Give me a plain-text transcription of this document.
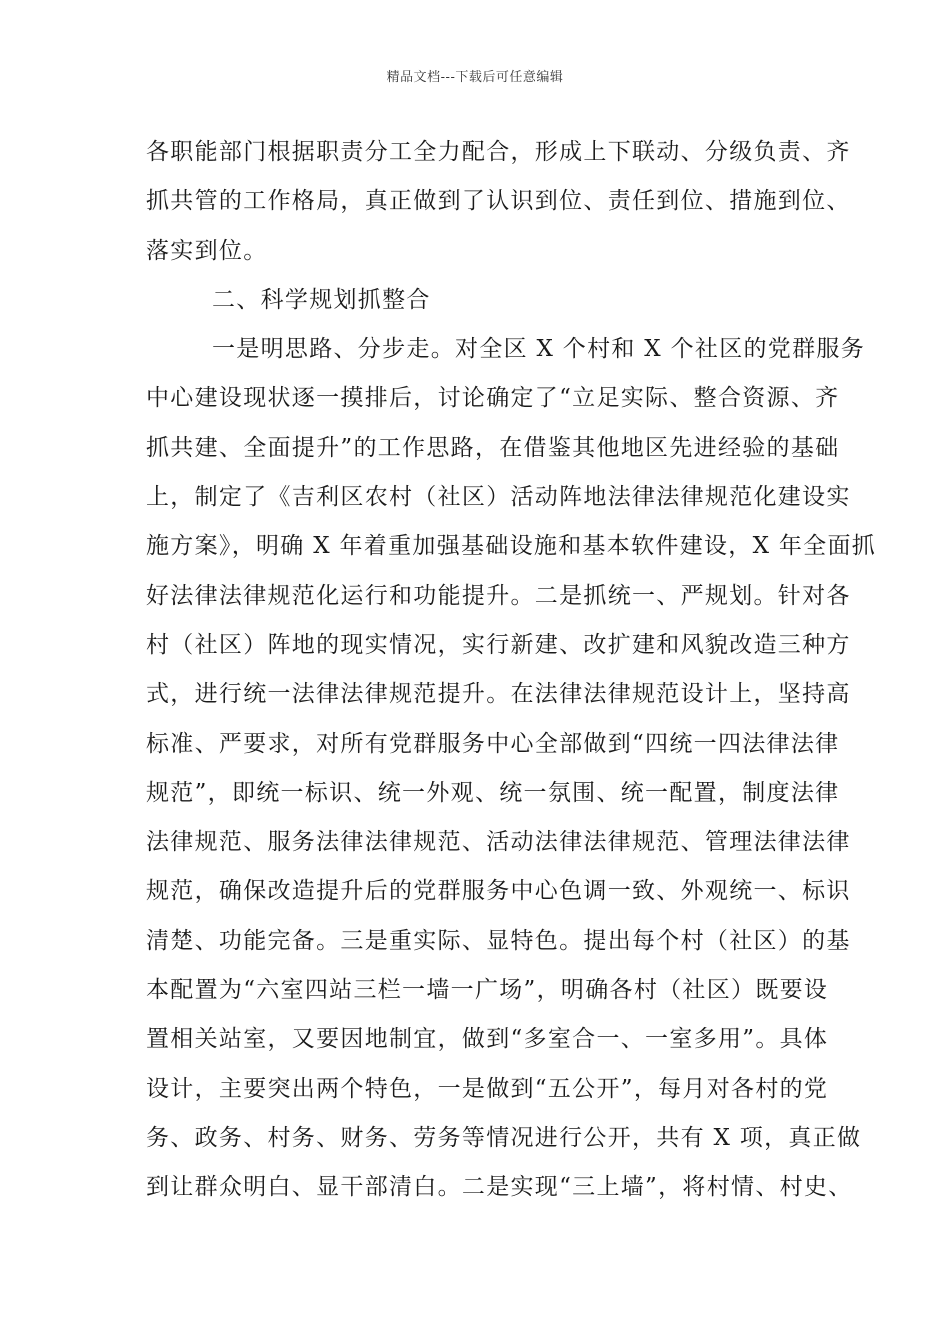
精品文档---下载后可任意编辑
各职能部门根据职责分工全力配合，形成上下联动、分级负责、齐
抓共管的工作格局，真正做到了认识到位、责任到位、措施到位、
落实到位。
二、科学规划抓整合
一是明思路、分步走。对全区 X 个村和 X 个社区的党群服务
中心建设现状逐一摸排后，讨论确定了“立足实际、整合资源、齐
抓共建、全面提升”的工作思路，在借鉴其他地区先进经验的基础
上，制定了《吉利区农村（社区）活动阵地法律法律规范化建设实
施方案》，明确 X 年着重加强基础设施和基本软件建设，X 年全面抓
好法律法律规范化运行和功能提升。二是抓统一、严规划。针对各
村（社区）阵地的现实情况，实行新建、改扩建和风貌改造三种方
式，进行统一法律法律规范提升。在法律法律规范设计上，坚持高
标准、严要求，对所有党群服务中心全部做到“四统一四法律法律
规范”，即统一标识、统一外观、统一氛围、统一配置，制度法律
法律规范、服务法律法律规范、活动法律法律规范、管理法律法律
规范，确保改造提升后的党群服务中心色调一致、外观统一、标识
清楚、功能完备。三是重实际、显特色。提出每个村（社区）的基
本配置为“六室四站三栏一墙一广场”，明确各村（社区）既要设
置相关站室，又要因地制宜，做到“多室合一、一室多用”。具体
设计，主要突出两个特色，一是做到“五公开”，每月对各村的党
务、政务、村务、财务、劳务等情况进行公开，共有 X 项，真正做
到让群众明白、显干部清白。二是实现“三上墙”，将村情、村史、
